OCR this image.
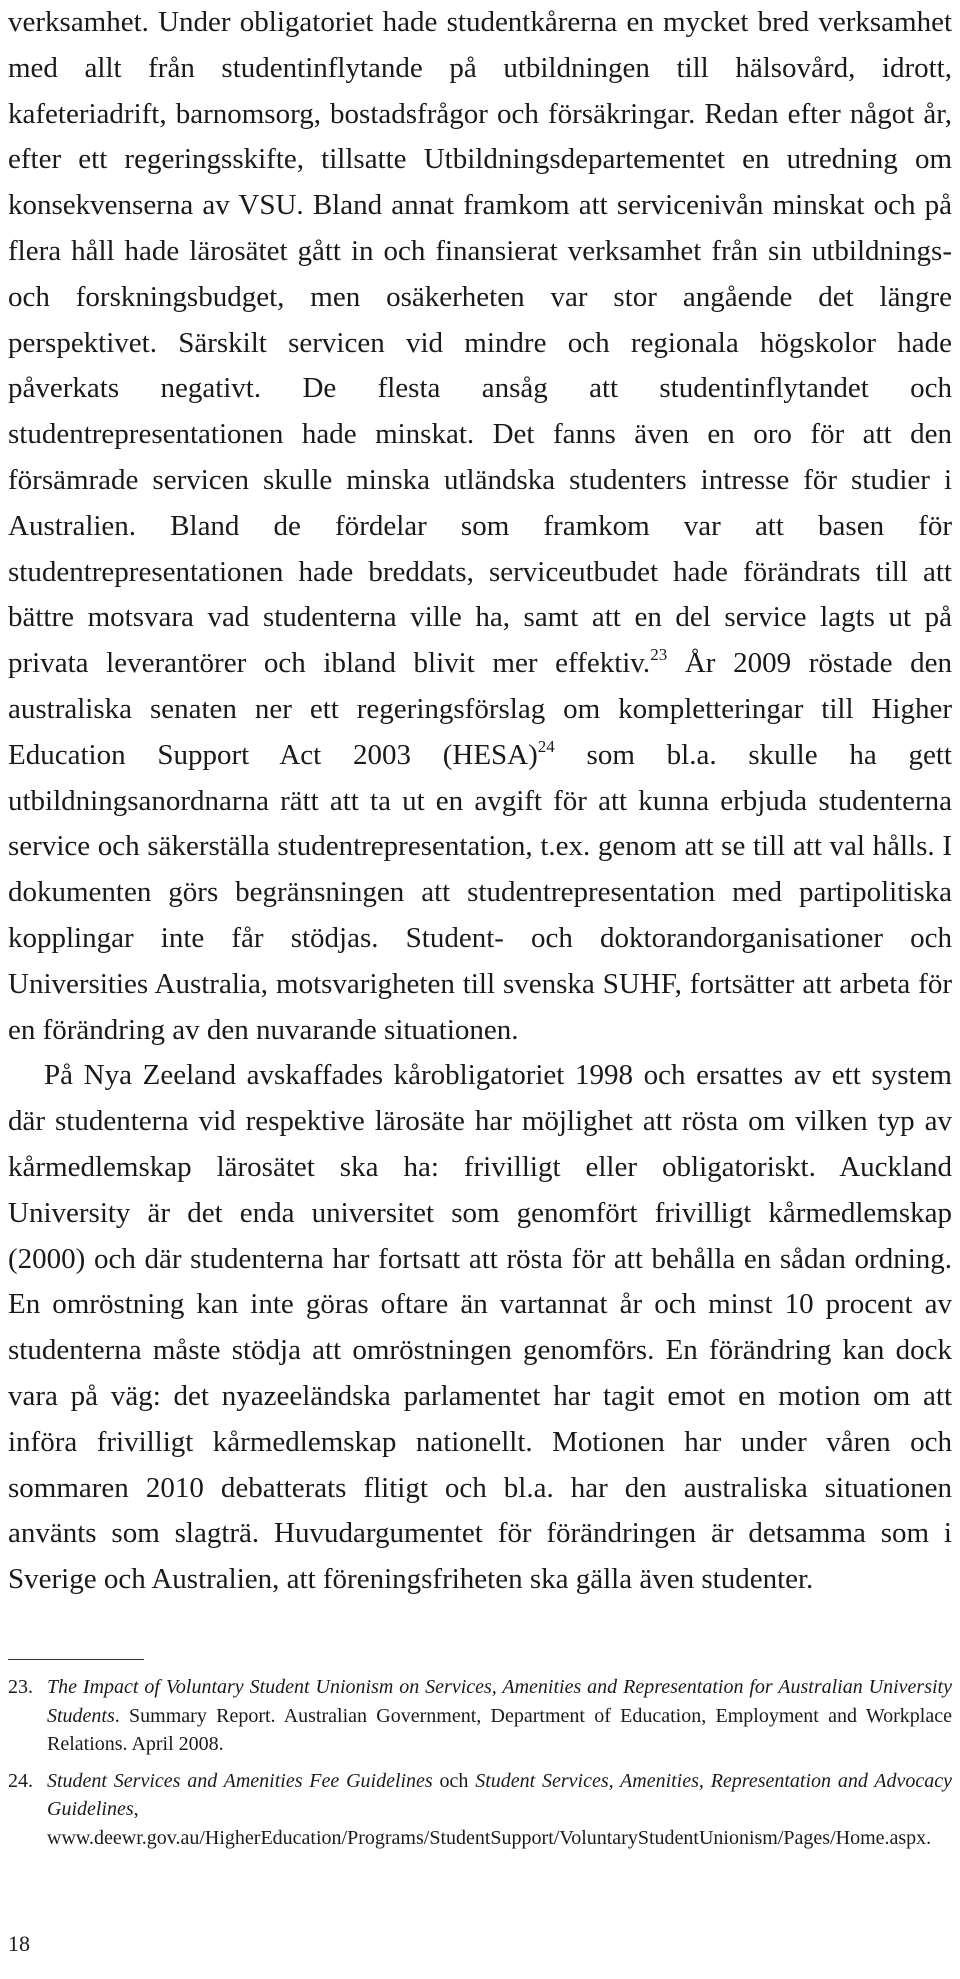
verksamhet. Under obligatoriet hade studentkårerna en mycket bred verksamhet med allt från studentinflytande på utbildningen till hälsovård, idrott, kafeteriadrift, barnomsorg, bostadsfrågor och försäkringar. Redan efter något år, efter ett regeringsskifte, tillsatte Utbildningsdepartementet en utredning om konsekvenserna av VSU. Bland annat framkom att servicenivån minskat och på flera håll hade lärosätet gått in och finansierat verksamhet från sin utbildnings- och forskningsbudget, men osäkerheten var stor angående det längre perspektivet. Särskilt servicen vid mindre och regionala högskolor hade påverkats negativt. De flesta ansåg att studentinflytandet och studentrepresentationen hade minskat. Det fanns även en oro för att den försämrade servicen skulle minska utländska studenters intresse för studier i Australien. Bland de fördelar som framkom var att basen för studentrepresentationen hade breddats, serviceutbudet hade förändrats till att bättre motsvara vad studenterna ville ha, samt att en del service lagts ut på privata leverantörer och ibland blivit mer effektiv.$^{23}$ År 2009 röstade den australiska senaten ner ett regeringsförslag om kompletteringar till Higher Education Support Act 2003 (HESA)$^{24}$ som bl.a. skulle ha gett utbildningsanordnarna rätt att ta ut en avgift för att kunna erbjuda studenterna service och säkerställa studentrepresentation, t.ex. genom att se till att val hålls. I dokumenten görs begränsningen att studentrepresentation med partipolitiska kopplingar inte får stödjas. Student- och doktorandorganisationer och Universities Australia, motsvarigheten till svenska SUHF, fortsätter att arbeta för en förändring av den nuvarande situationen.

På Nya Zeeland avskaffades kårobligatoriet 1998 och ersattes av ett system där studenterna vid respektive lärosäte har möjlighet att rösta om vilken typ av kårmedlemskap lärosätet ska ha: frivilligt eller obligatoriskt. Auckland University är det enda universitet som genomfört frivilligt kårmedlemskap (2000) och där studenterna har fortsatt att rösta för att behålla en sådan ordning. En omröstning kan inte göras oftare än vartannat år och minst 10 procent av studenterna måste stödja att omröstningen genomförs. En förändring kan dock vara på väg: det nyazeeländska parlamentet har tagit emot en motion om att införa frivilligt kårmedlemskap nationellt. Motionen har under våren och sommaren 2010 debatterats flitigt och bl.a. har den australiska situationen använts som slagträ. Huvudargumentet för förändringen är detsamma som i Sverige och Australien, att föreningsfriheten ska gälla även studenter.

23. The Impact of Voluntary Student Unionism on Services, Amenities and Representation for Australian University Students. Summary Report. Australian Government, Department of Education, Employment and Workplace Relations. April 2008.
24. Student Services and Amenities Fee Guidelines och Student Services, Amenities, Representation and Advocacy Guidelines, www.deewr.gov.au/HigherEducation/Programs/StudentSupport/VoluntaryStudentUnionism/Pages/Home.aspx.
18
